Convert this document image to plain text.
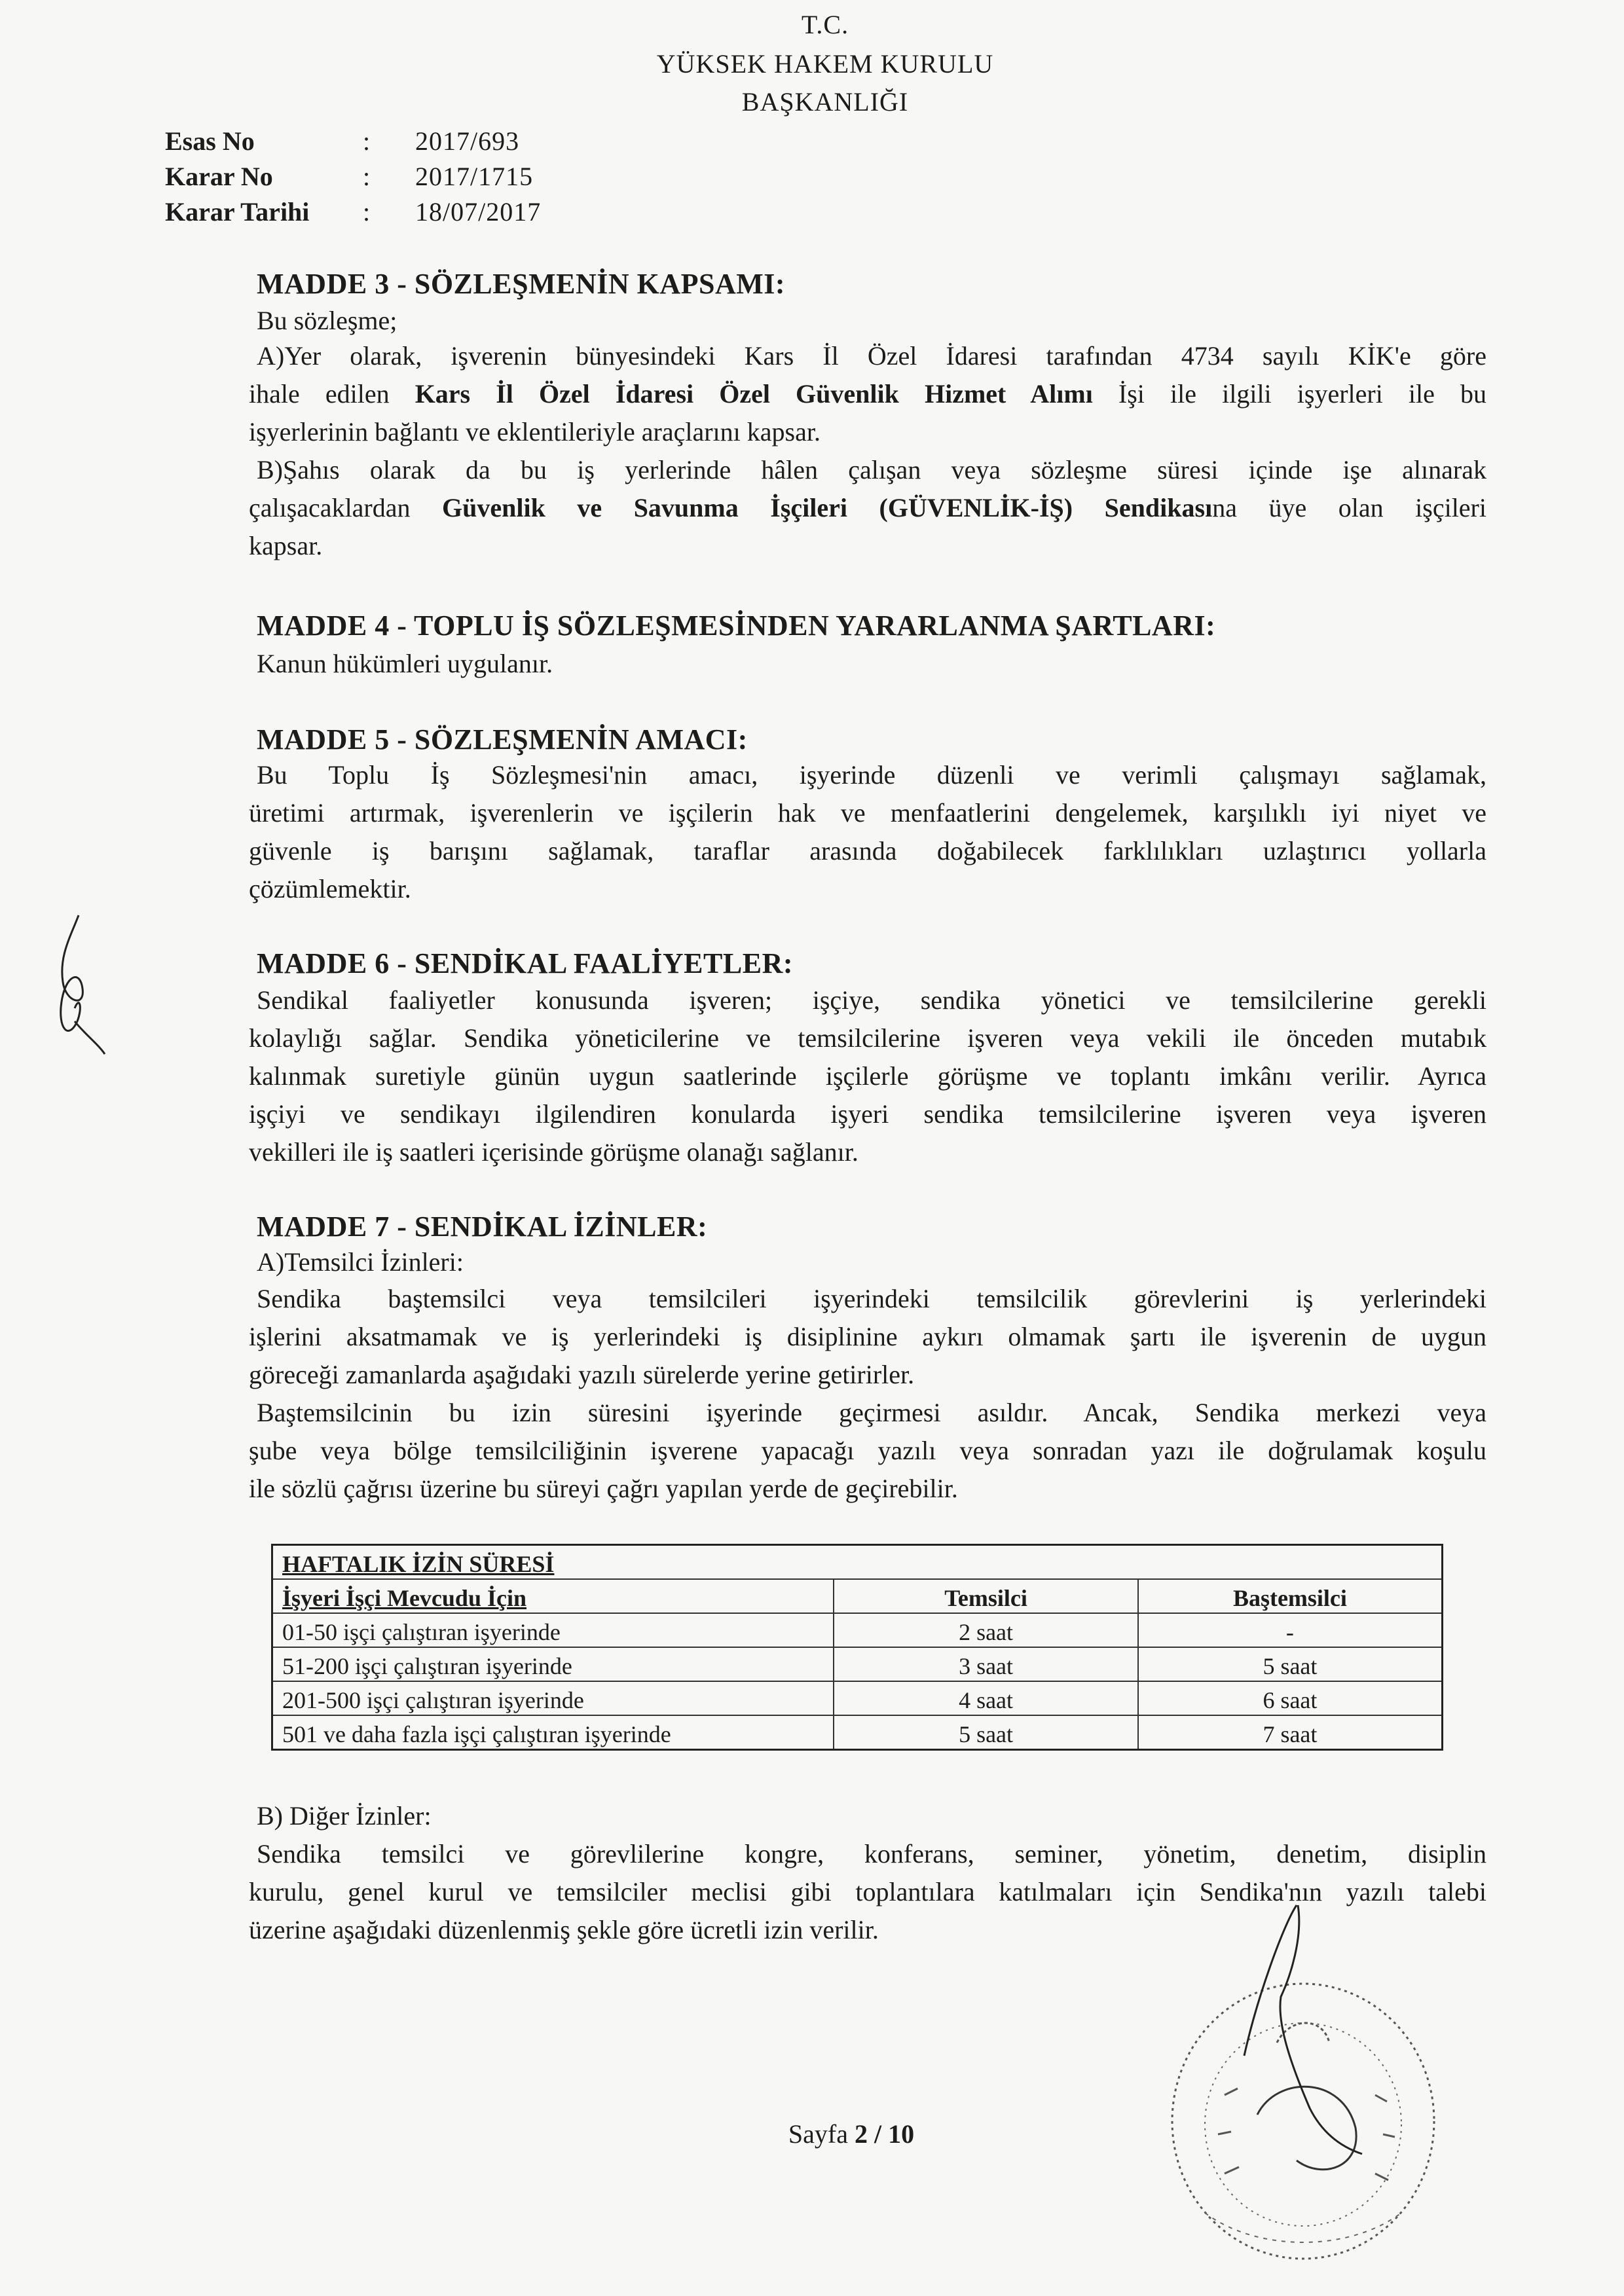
T.C.
YÜKSEK HAKEM KURULU
BAŞKANLIĞI
Esas No	: 2017/693
Karar No	: 2017/1715
Karar Tarihi : 18/07/2017
MADDE 3 - SÖZLEŞMENİN KAPSAMI:
Bu sözleşme;
A)Yer olarak, işverenin bünyesindeki Kars İl Özel İdaresi tarafından 4734 sayılı KİK'e göre
ihale edilen Kars İl Özel İdaresi Özel Güvenlik Hizmet Alımı İşi ile ilgili işyerleri ile bu
işyerlerinin bağlantı ve eklentileriyle araçlarını kapsar.
B)Şahıs olarak da bu iş yerlerinde hâlen çalışan veya sözleşme süresi içinde işe alınarak
çalışacaklardan Güvenlik ve Savunma İşçileri (GÜVENLİK-İŞ) Sendikasına üye olan işçileri
kapsar.
MADDE 4 - TOPLU İŞ SÖZLEŞMESİNDEN YARARLANMA ŞARTLARI:
Kanun hükümleri uygulanır.
MADDE 5 - SÖZLEŞMENİN AMACI:
Bu Toplu İş Sözleşmesi'nin amacı, işyerinde düzenli ve verimli çalışmayı sağlamak,
üretimi artırmak, işverenlerin ve işçilerin hak ve menfaatlerini dengelemek, karşılıklı iyi niyet ve
güvenle iş barışını sağlamak, taraflar arasında doğabilecek farklılıkları uzlaştırıcı yollarla
çözümlemektir.
MADDE 6 - SENDİKAL FAALİYETLER:
Sendikal faaliyetler konusunda işveren; işçiye, sendika yönetici ve temsilcilerine gerekli
kolaylığı sağlar. Sendika yöneticilerine ve temsilcilerine işveren veya vekili ile önceden mutabık
kalınmak suretiyle günün uygun saatlerinde işçilerle görüşme ve toplantı imkânı verilir. Ayrıca
işçiyi ve sendikayı ilgilendiren konularda işyeri sendika temsilcilerine işveren veya işveren
vekilleri ile iş saatleri içerisinde görüşme olanağı sağlanır.
MADDE 7 - SENDİKAL İZİNLER:
A)Temsilci İzinleri:
Sendika baştemsilci veya temsilcileri işyerindeki temsilcilik görevlerini iş yerlerindeki
işlerini aksatmamak ve iş yerlerindeki iş disiplinine aykırı olmamak şartı ile işverenin de uygun
göreceği zamanlarda aşağıdaki yazılı sürelerde yerine getirirler.
Baştemsilcinin bu izin süresini işyerinde geçirmesi asıldır. Ancak, Sendika merkezi veya
şube veya bölge temsilciliğinin işverene yapacağı yazılı veya sonradan yazı ile doğrulamak koşulu
ile sözlü çağrısı üzerine bu süreyi çağrı yapılan yerde de geçirebilir.
HAFTALIK İZİN SÜRESİ		
İşyeri İşçi Mevcudu İçin	Temsilci	Baştemsilci
01-50 işçi çalıştıran işyerinde	2 saat	-
51-200 işçi çalıştıran işyerinde	3 saat	5 saat
201-500 işçi çalıştıran işyerinde	4 saat	6 saat
501 ve daha fazla işçi çalıştıran işyerinde	5 saat	7 saat
B) Diğer İzinler:
Sendika temsilci ve görevlilerine kongre, konferans, seminer, yönetim, denetim, disiplin
kurulu, genel kurul ve temsilciler meclisi gibi toplantılara katılmaları için Sendika'nın yazılı talebi
üzerine aşağıdaki düzenlenmiş şekle göre ücretli izin verilir.
Sayfa 2 / 10
